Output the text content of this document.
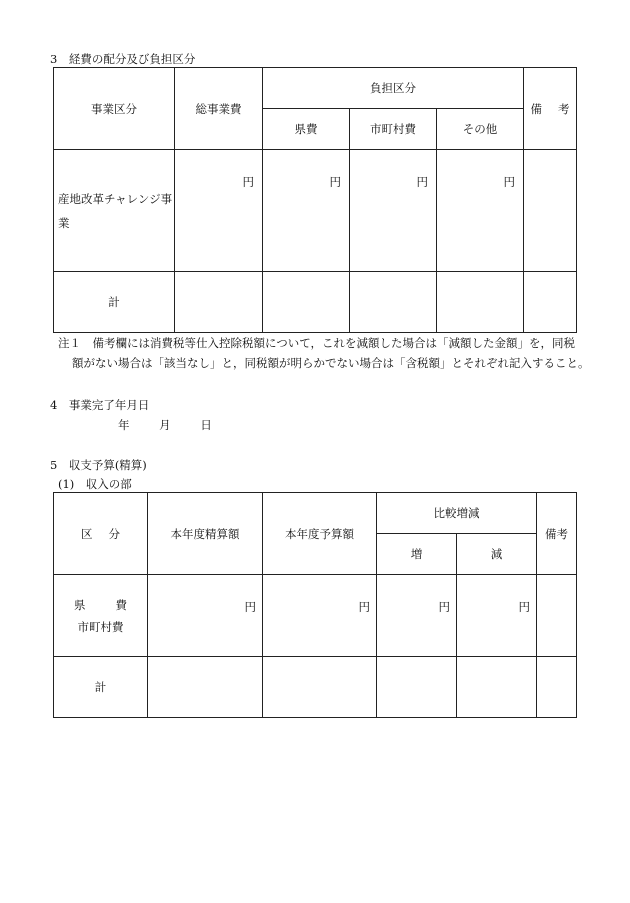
3　経費の配分及び負担区分
事業区分	総事業費	負担区分			備 考

		県費	市町村費	その他	
産地改革チャレンジ事業	円	円	円	円	
計					
注１　備考欄には消費税等仕入控除税額について，これを減額した場合は「減額した金額」を，同税
額がない場合は「該当なし」と，同税額が明らかでない場合は「含税額」とそれぞれ記入すること。
4　事業完了年月日
年	月	日
5　収支予算(精算)
(1)　収入の部
区 分	本年度精算額	本年度予算額	比較増減		備考
			増	減	

県 費
市町村費	円	円	円	円	
計					
